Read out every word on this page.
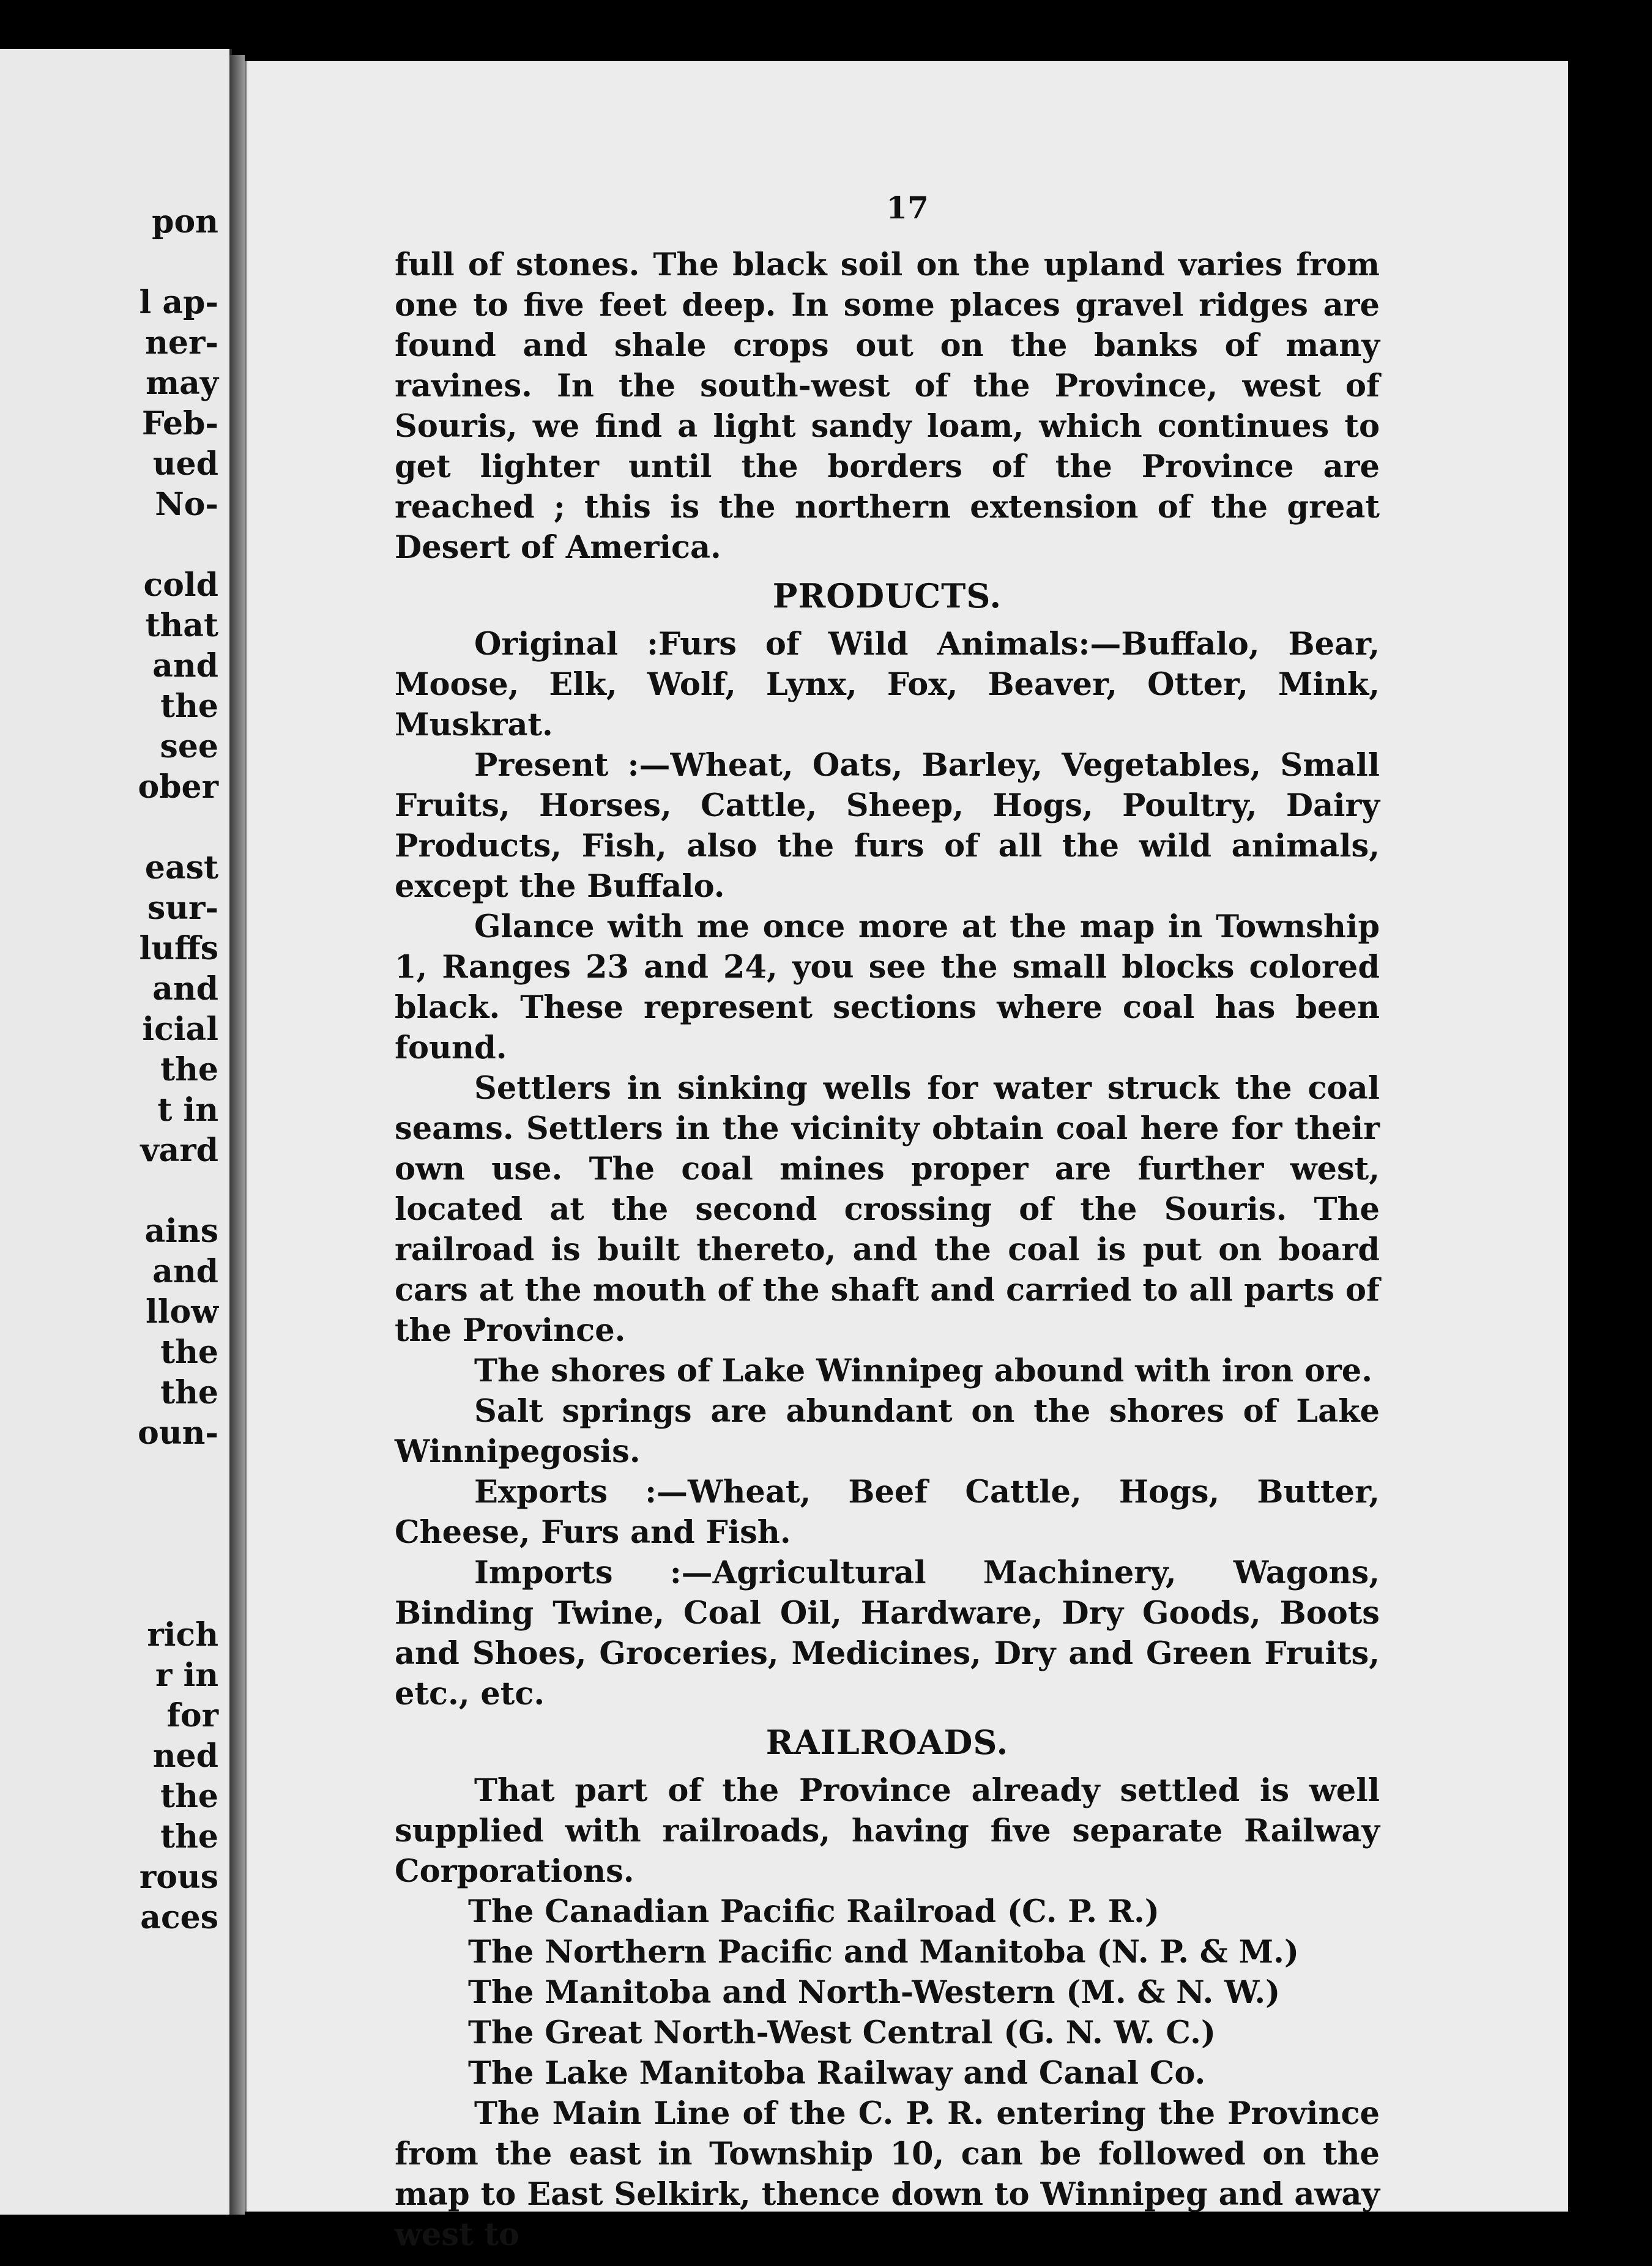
pon
l ap-
ner-
may
Feb-
ued
No-
cold
that
and
the
see
ober
east
sur-
luffs
and
icial
the
t in
vard
ains
and
llow
the
the
oun-
rich
r in
for
ned
the
the
rous
aces
17

full of stones. The black soil on the upland varies from one to five feet deep. In some places gravel ridges are found and shale crops out on the banks of many ravines. In the south-west of the Province, west of Souris, we find a light sandy loam, which continues to get lighter until the borders of the Province are reached ; this is the northern extension of the great Desert of America.

PRODUCTS.

Original :Furs of Wild Animals:—Buffalo, Bear, Moose, Elk, Wolf, Lynx, Fox, Beaver, Otter, Mink, Muskrat.

Present :—Wheat, Oats, Barley, Vegetables, Small Fruits, Horses, Cattle, Sheep, Hogs, Poultry, Dairy Products, Fish, also the furs of all the wild animals, except the Buffalo.

Glance with me once more at the map in Township 1, Ranges 23 and 24, you see the small blocks colored black. These represent sections where coal has been found.

Settlers in sinking wells for water struck the coal seams. Settlers in the vicinity obtain coal here for their own use. The coal mines proper are further west, located at the second crossing of the Souris. The railroad is built thereto, and the coal is put on board cars at the mouth of the shaft and carried to all parts of the Province.

The shores of Lake Winnipeg abound with iron ore.

Salt springs are abundant on the shores of Lake Winnipegosis.

Exports :—Wheat, Beef Cattle, Hogs, Butter, Cheese, Furs and Fish.

Imports :—Agricultural Machinery, Wagons, Binding Twine, Coal Oil, Hardware, Dry Goods, Boots and Shoes, Groceries, Medicines, Dry and Green Fruits, etc., etc.

RAILROADS.

That part of the Province already settled is well supplied with railroads, having five separate Railway Corporations.

The Canadian Pacific Railroad (C. P. R.)
The Northern Pacific and Manitoba (N. P. & M.)
The Manitoba and North-Western (M. & N. W.)
The Great North-West Central (G. N. W. C.)
The Lake Manitoba Railway and Canal Co.

The Main Line of the C. P. R. entering the Province from the east in Township 10, can be followed on the map to East Selkirk, thence down to Winnipeg and away west to
